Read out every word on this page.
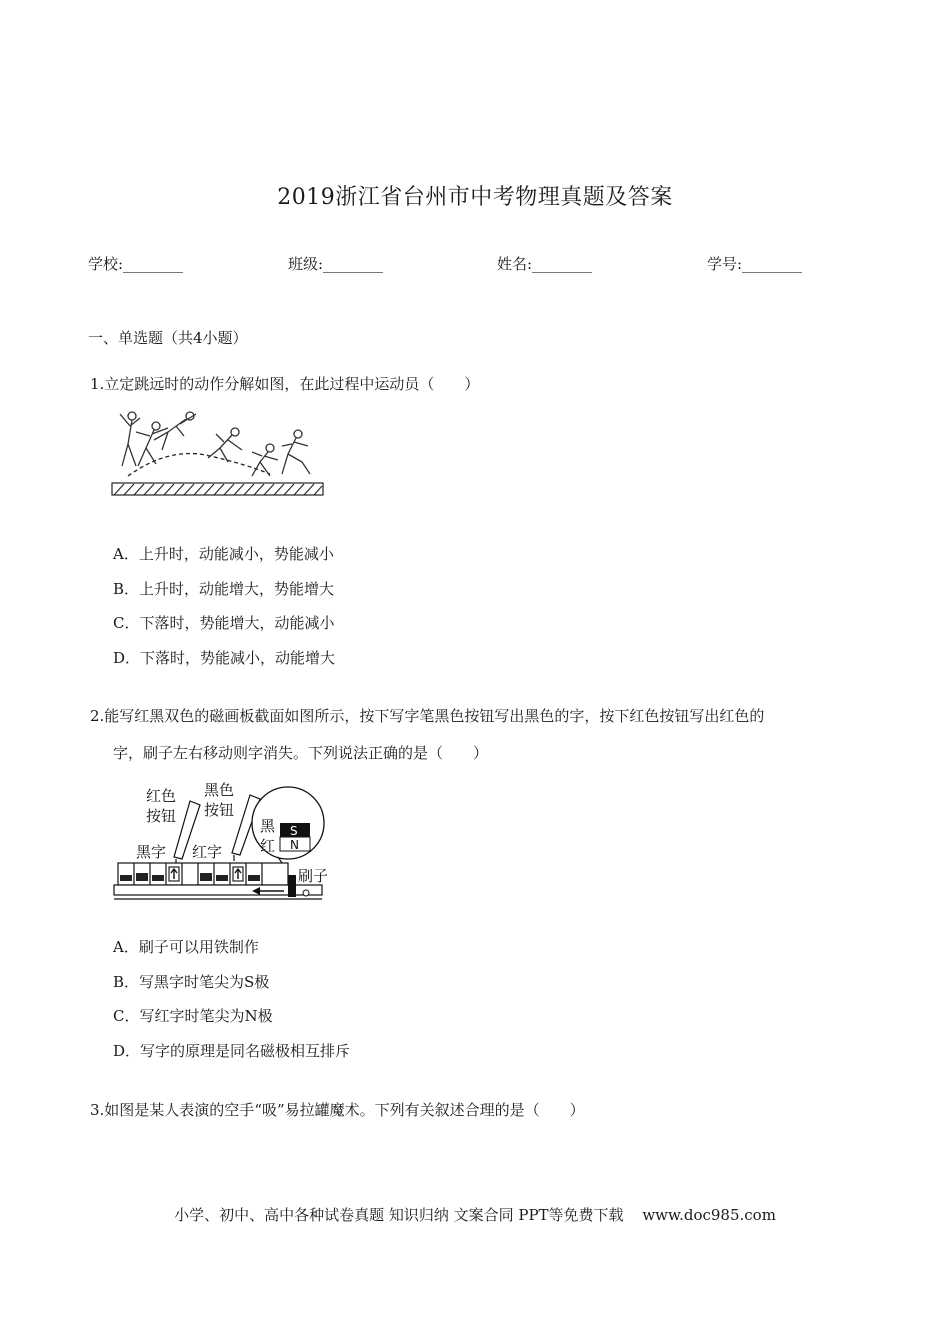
2019浙江省台州市中考物理真题及答案
学校:________	班级:________	姓名:________	学号:________
一、单选题（共4小题）

1.立定跳远时的动作分解如图，在此过程中运动员（　　）

A．上升时，动能减小，势能减小
B．上升时，动能增大，势能增大
C．下落时，势能增大，动能减小
D．下落时，势能减小，动能增大

2.能写红黑双色的磁画板截面如图所示，按下写字笔黑色按钮写出黑色的字，按下红色按钮写出红色的

字，刷子左右移动则字消失。下列说法正确的是（　　）

红色
按钮
黑色
按钮
黑字 红字
黑
红
S
N
刷子
A．刷子可以用铁制作
B．写黑字时笔尖为S极
C．写红字时笔尖为N极
D．写字的原理是同名磁极相互排斥

3.如图是某人表演的空手“吸”易拉罐魔术。下列有关叙述合理的是（　　）

小学、初中、高中各种试卷真题 知识归纳 文案合同 PPT等免费下载 www.doc985.com
